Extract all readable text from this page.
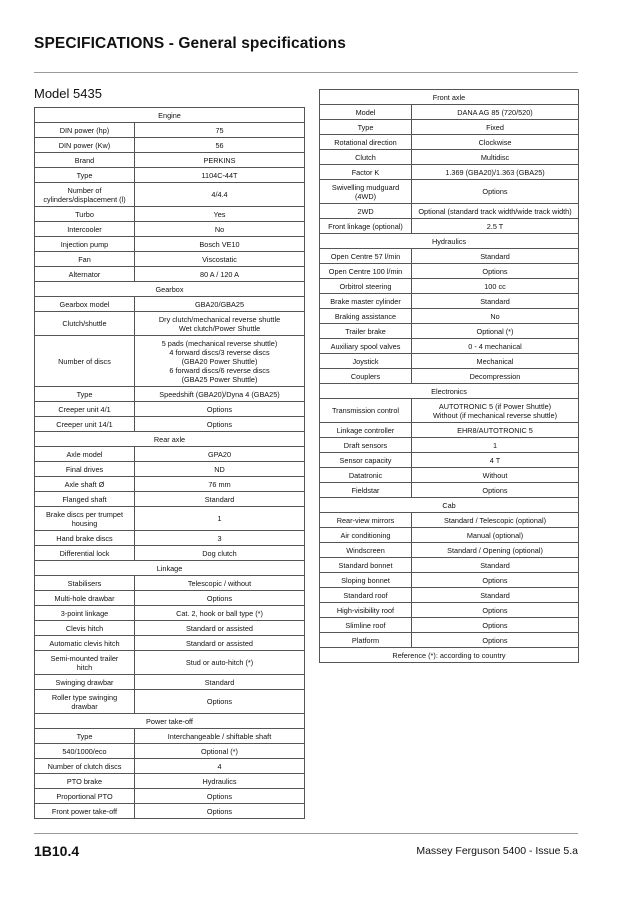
SPECIFICATIONS - General specifications
Model 5435
Engine	
DIN power (hp)	75
DIN power (Kw)	56
Brand	PERKINS
Type	1104C-44T
Number of
cylinders/displacement (l)	4/4.4
Turbo	Yes
Intercooler	No
Injection pump	Bosch VE10
Fan	Viscostatic
Alternator	80 A / 120 A
Gearbox	
Gearbox model	GBA20/GBA25
Clutch/shuttle	Dry clutch/mechanical reverse shuttle
Wet clutch/Power Shuttle
Number of discs	5 pads (mechanical reverse shuttle)
4 forward discs/3 reverse discs
(GBA20 Power Shuttle)
6 forward discs/6 reverse discs
(GBA25 Power Shuttle)
Type	Speedshift (GBA20)/Dyna 4 (GBA25)
Creeper unit 4/1	Options
Creeper unit 14/1	Options
Rear axle	
Axle model	GPA20
Final drives	ND
Axle shaft Ø	76 mm
Flanged shaft	Standard
Brake discs per trumpet
housing	1
Hand brake discs	3
Differential lock	Dog clutch
Linkage	
Stabilisers	Telescopic / without
Multi-hole drawbar	Options
3-point linkage	Cat. 2, hook or ball type (*)
Clevis hitch	Standard or assisted
Automatic clevis hitch	Standard or assisted
Semi-mounted trailer
hitch	Stud or auto-hitch (*)
Swinging drawbar	Standard
Roller type swinging
drawbar	Options
Power take-off	
Type	Interchangeable / shiftable shaft
540/1000/eco	Optional (*)
Number of clutch discs	4
PTO brake	Hydraulics
Proportional PTO	Options
Front power take-off	Options
Front axle	
Model	DANA AG 85 (720/520)
Type	Fixed
Rotational direction	Clockwise
Clutch	Multidisc
Factor K	1.369 (GBA20)/1.363 (GBA25)
Swivelling mudguard
(4WD)	Options
2WD	Optional (standard track width/wide track width)
Front linkage (optional)	2.5 T
Hydraulics	
Open Centre 57 l/min	Standard
Open Centre 100 l/min	Options
Orbitrol steering	100 cc
Brake master cylinder	Standard
Braking assistance	No
Trailer brake	Optional (*)
Auxiliary spool valves	0 - 4 mechanical
Joystick	Mechanical
Couplers	Decompression
Electronics	
Transmission control	AUTOTRONIC 5 (if Power Shuttle)
Without (if mechanical reverse shuttle)
Linkage controller	EHR8/AUTOTRONIC 5
Draft sensors	1
Sensor capacity	4 T
Datatronic	Without
Fieldstar	Options
Cab	
Rear-view mirrors	Standard / Telescopic (optional)
Air conditioning	Manual (optional)
Windscreen	Standard / Opening (optional)
Standard bonnet	Standard
Sloping bonnet	Options
Standard roof	Standard
High-visibility roof	Options
Slimline roof	Options
Platform	Options
Reference (*): according to country	
1B10.4	Massey Ferguson 5400 - Issue 5.a
